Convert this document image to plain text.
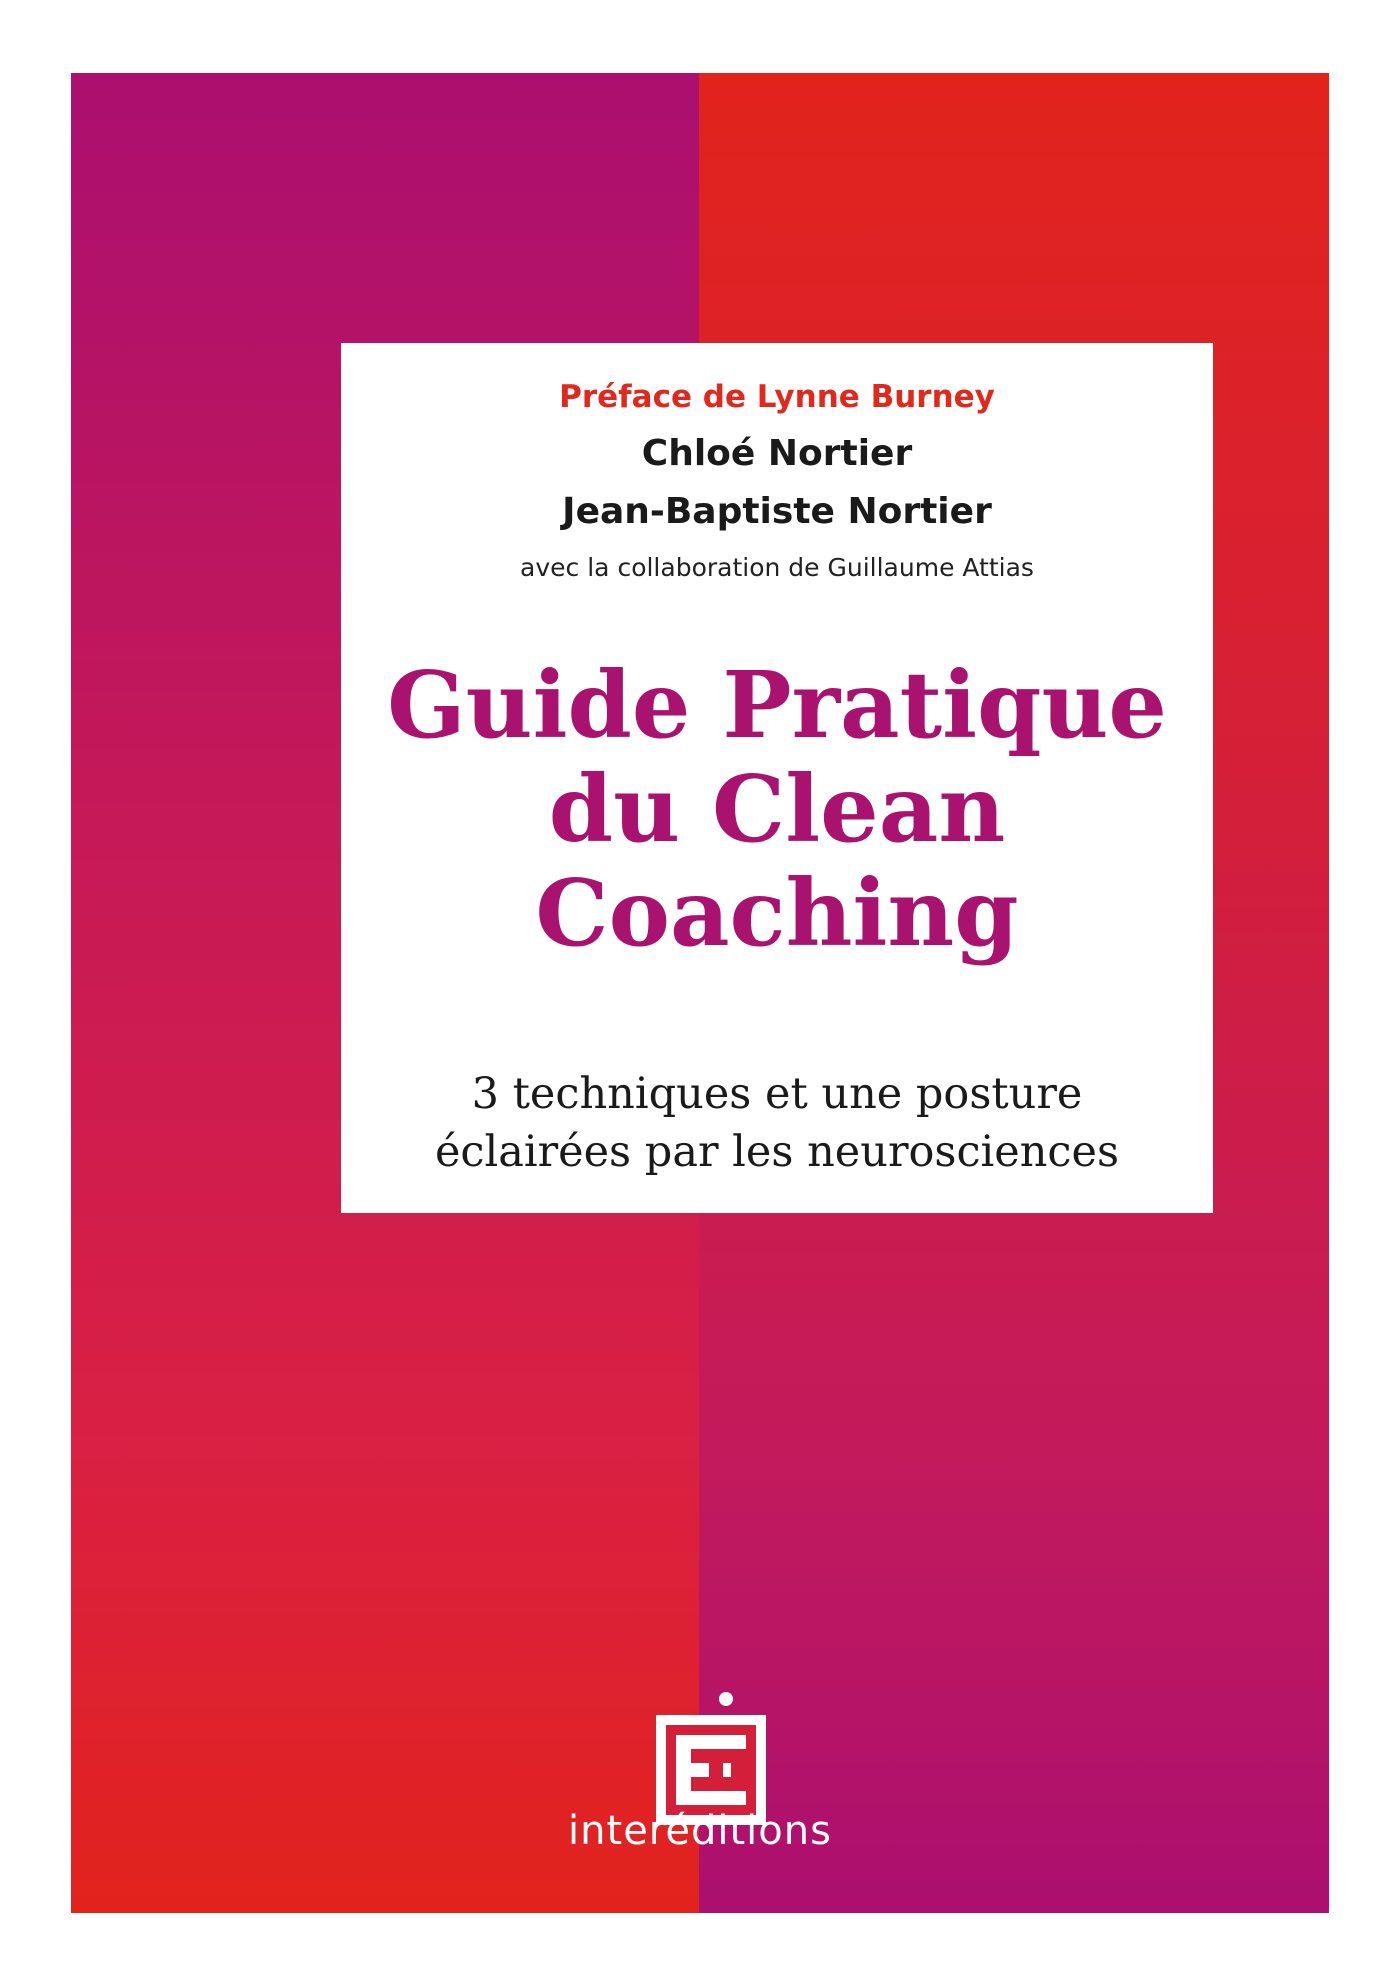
Préface de Lynne Burney
Chloé Nortier
Jean-Baptiste Nortier
avec la collaboration de Guillaume Attias
Guide Pratique
du Clean
Coaching
3 techniques et une posture
éclairées par les neurosciences
interéditions
